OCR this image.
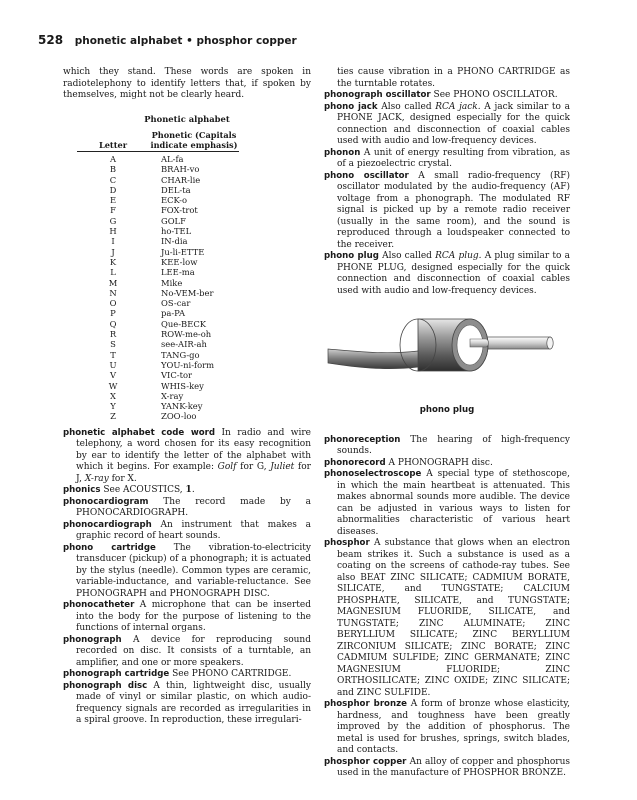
528 phonetic alphabet • phosphor copper

which they stand. These words are spoken in radiotelephony to identify letters that, if spoken by themselves, might not be clearly heard.

Phonetic alphabet
Letter	Phonetic (Capitals indicate emphasis)
A	AL-fa
B	BRAH-vo
C	CHAR-lie
D	DEL-ta
E	ECK-o
F	FOX-trot
G	GOLF
H	ho-TEL
I	IN-dia
J	Ju-li-ETTE
K	KEE-low
L	LEE-ma
M	Mike
N	No-VEM-ber
O	OS-car
P	pa-PA
Q	Que-BECK
R	ROW-me-oh
S	see-AIR-ah
T	TANG-go
U	YOU-ni-form
V	VIC-tor
W	WHIS-key
X	X-ray
Y	YANK-key
Z	ZOO-loo
phonetic alphabet code word In radio and wire telephony, a word chosen for its easy recognition by ear to identify the letter of the alphabet with which it begins. For example: Golf for G, Juliet for J, X-ray for X.
phonics See ACOUSTICS, 1.
phonocardiogram The record made by a PHONOCARDIOGRAPH.
phonocardiograph An instrument that makes a graphic record of heart sounds.
phono cartridge The vibration-to-electricity transducer (pickup) of a phonograph; it is actuated by the stylus (needle). Common types are ceramic, variable-inductance, and variable-reluctance. See PHONOGRAPH and PHONOGRAPH DISC.
phonocatheter A microphone that can be inserted into the body for the purpose of listening to the functions of internal organs.
phonograph A device for reproducing sound recorded on disc. It consists of a turntable, an amplifier, and one or more speakers.
phonograph cartridge See PHONO CARTRIDGE.
phonograph disc A thin, lightweight disc, usually made of vinyl or similar plastic, on which audio-frequency signals are recorded as irregularities in a spiral groove. In reproduction, these irregulari-

ties cause vibration in a PHONO CARTRIDGE as the turntable rotates.

phonograph oscillator See PHONO OSCILLATOR.
phono jack Also called RCA jack. A jack similar to a PHONE JACK, designed especially for the quick connection and disconnection of coaxial cables used with audio and low-frequency devices.
phonon A unit of energy resulting from vibration, as of a piezoelectric crystal.
phono oscillator A small radio-frequency (RF) oscillator modulated by the audio-frequency (AF) voltage from a phonograph. The modulated RF signal is picked up by a remote radio receiver (usually in the same room), and the sound is reproduced through a loudspeaker connected to the receiver.
phono plug Also called RCA plug. A plug similar to a PHONE PLUG, designed especially for the quick connection and disconnection of coaxial cables used with audio and low-frequency devices.
phono plug
phonoreception The hearing of high-frequency sounds.
phonorecord A PHONOGRAPH disc.
phonoselectroscope A special type of stethoscope, in which the main heartbeat is attenuated. This makes abnormal sounds more audible. The device can be adjusted in various ways to listen for abnormalities characteristic of various heart diseases.
phosphor A substance that glows when an electron beam strikes it. Such a substance is used as a coating on the screens of cathode-ray tubes. See also BEAT ZINC SILICATE; CADMIUM BORATE, SILICATE, and TUNGSTATE; CALCIUM PHOSPHATE, SILICATE, and TUNGSTATE; MAGNESIUM FLUORIDE, SILICATE, and TUNGSTATE; ZINC ALUMINATE; ZINC BERYLLIUM SILICATE; ZINC BERYLLIUM ZIRCONIUM SILICATE; ZINC BORATE; ZINC CADMIUM SULFIDE; ZINC GERMANATE; ZINC MAGNESIUM FLUORIDE; ZINC ORTHOSILICATE; ZINC OXIDE; ZINC SILICATE; and ZINC SULFIDE.
phosphor bronze A form of bronze whose elasticity, hardness, and toughness have been greatly improved by the addition of phosphorus. The metal is used for brushes, springs, switch blades, and contacts.
phosphor copper An alloy of copper and phosphorus used in the manufacture of PHOSPHOR BRONZE.
